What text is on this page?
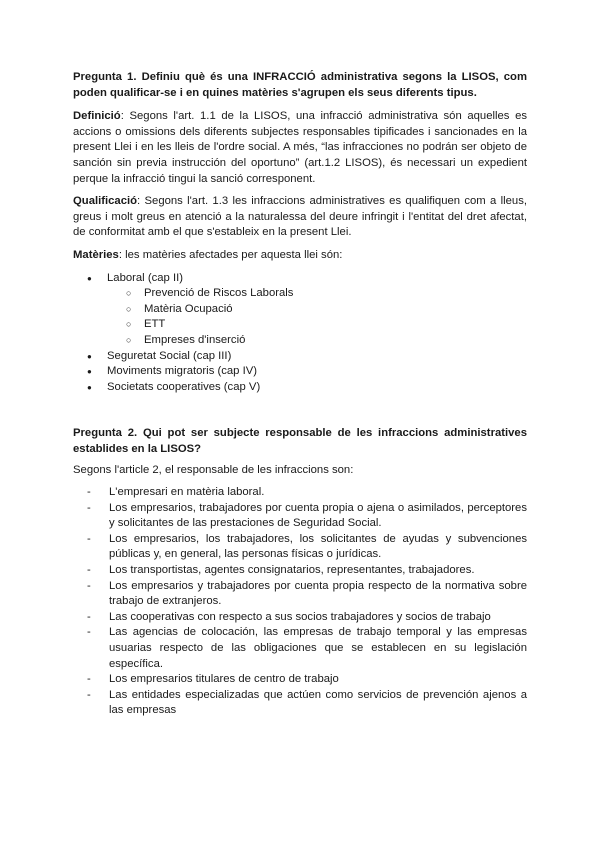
Pregunta 1. Definiu què és una INFRACCIÓ administrativa segons la LISOS, com poden qualificar-se i en quines matèries s'agrupen els seus diferents tipus.

Definició: Segons l'art. 1.1 de la LISOS, una infracció administrativa són aquelles es accions o omissions dels diferents subjectes responsables tipificades i sancionades en la present Llei i en les lleis de l'ordre social. A més, “las infracciones no podrán ser objeto de sanción sin previa instrucción del oportuno” (art.1.2 LISOS), és necessari un expedient perque la infracció tingui la sanció corresponent.

Qualificació: Segons l'art. 1.3 les infraccions administratives es qualifiquen com a lleus, greus i molt greus en atenció a la naturalessa del deure infringit i l'entitat del dret afectat, de conformitat amb el que s'estableix en la present Llei.

Matèries: les matèries afectades per aquesta llei són:

● Laboral (cap II)
○ Prevenció de Riscos Laborals
○ Matèria Ocupació
○ ETT
○ Empreses d'inserció
● Seguretat Social (cap III)
● Moviments migratoris (cap IV)
● Societats cooperatives (cap V)

Pregunta 2. Qui pot ser subjecte responsable de les infraccions administratives establides en la LISOS?

Segons l'article 2, el responsable de les infraccions son:

- L'empresari en matèria laboral.
- Los empresarios, trabajadores por cuenta propia o ajena o asimilados, perceptores y solicitantes de las prestaciones de Seguridad Social.
- Los empresarios, los trabajadores, los solicitantes de ayudas y subvenciones públicas y, en general, las personas físicas o jurídicas.
- Los transportistas, agentes consignatarios, representantes, trabajadores.
- Los empresarios y trabajadores por cuenta propia respecto de la normativa sobre trabajo de extranjeros.
- Las cooperativas con respecto a sus socios trabajadores y socios de trabajo
- Las agencias de colocación, las empresas de trabajo temporal y las empresas usuarias respecto de las obligaciones que se establecen en su legislación específica.
- Los empresarios titulares de centro de trabajo
- Las entidades especializadas que actúen como servicios de prevención ajenos a las empresas
